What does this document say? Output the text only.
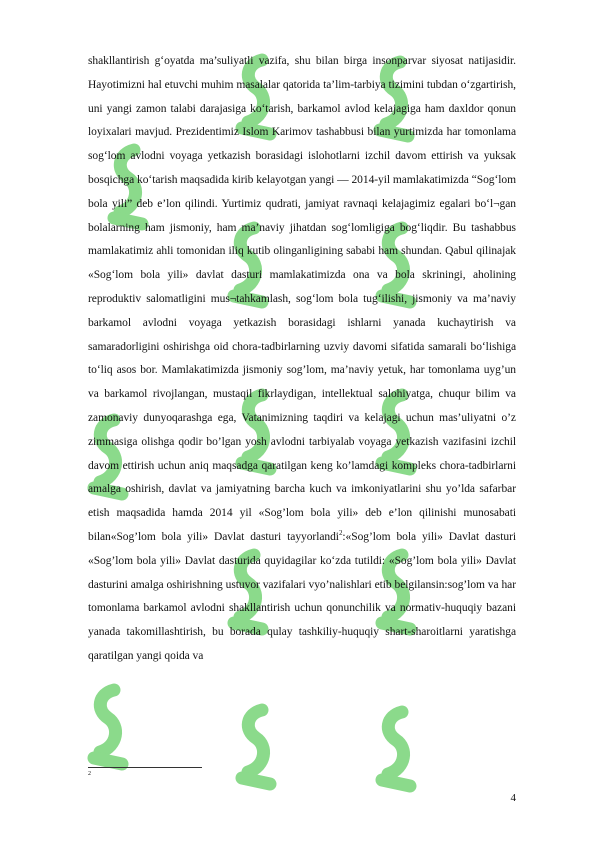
shakllantirish g‘oyatda ma’suliyatli vazifa, shu bilan birga insonparvar siyosat natijasidir. Hayotimizni hal etuvchi muhim masalalar qatorida ta’lim-tarbiya tizimini tubdan o‘zgartirish, uni yangi zamon talabi darajasiga ko‘tarish, barkamol avlod kelajagiga ham daxldor qonun loyixalari mavjud. Prezidentimiz Islom Karimov tashabbusi bilan yurtimizda har tomonlama sog‘lom avlodni voyaga yetkazish borasidagi islohotlarni izchil davom ettirish va yuksak bosqichga ko‘tarish maqsadida kirib kelayotgan yangi — 2014-yil mamlakatimizda “Sog‘lom bola yili” deb e’lon qilindi. Yurtimiz qudrati, jamiyat ravnaqi kelajagimiz egalari bo‘l¬gan bolalarning ham jismoniy, ham ma’naviy jihatdan sog‘lomligiga bog‘liqdir. Bu tashabbus mamlakatimiz ahli tomonidan iliq kutib olinganligining sababi ham shundan. Qabul qilinajak «Sog‘lom bola yili» davlat dasturi mamlakatimizda ona va bola skriningi, aholining reproduktiv salomatligini mus¬tahkamlash, sog‘lom bola tug‘ilishi, jismoniy va ma’naviy barkamol avlodni voyaga yetkazish borasidagi ishlarni yanada kuchaytirish va samaradorligini oshirishga oid chora-tadbirlarning uzviy davomi sifatida samarali bo‘lishiga to‘liq asos bor. Mamlakatimizda jismoniy sog’lom, ma’naviy yetuk, har tomonlama uyg’un va barkamol rivojlangan, mustaqil fikrlaydigan, intellektual salohiyatga, chuqur bilim va zamonaviy dunyoqarashga ega, Vatanimizning taqdiri va kelajagi uchun mas’uliyatni o’z zimmasiga olishga qodir bo’lgan yosh avlodni tarbiyalab voyaga yetkazish vazifasini izchil davom ettirish uchun aniq maqsadga qaratilgan keng ko’lamdagi kompleks chora-tadbirlarni amalga oshirish, davlat va jamiyatning barcha kuch va imkoniyatlarini shu yo’lda safarbar etish maqsadida hamda 2014 yil «Sog’lom bola yili» deb e’lon qilinishi munosabati bilan«Sog’lom bola yili» Davlat dasturi tayyorlandi$^2$:«Sog’lom bola yili» Davlat dasturi «Sog’lom bola yili» Davlat dasturida quyidagilar ko‘zda tutildi: «Sog’lom bola yili» Davlat dasturini amalga oshirishning ustuvor vazifalari vyo’nalishlari etib belgilansin:sog’lom va har tomonlama barkamol avlodni shakllantirish uchun qonunchilik va normativ-huquqiy bazani yanada takomillashtirish, bu borada qulay tashkiliy-huquqiy shart-sharoitlarni yaratishga qaratilgan yangi qoida va

2
4
